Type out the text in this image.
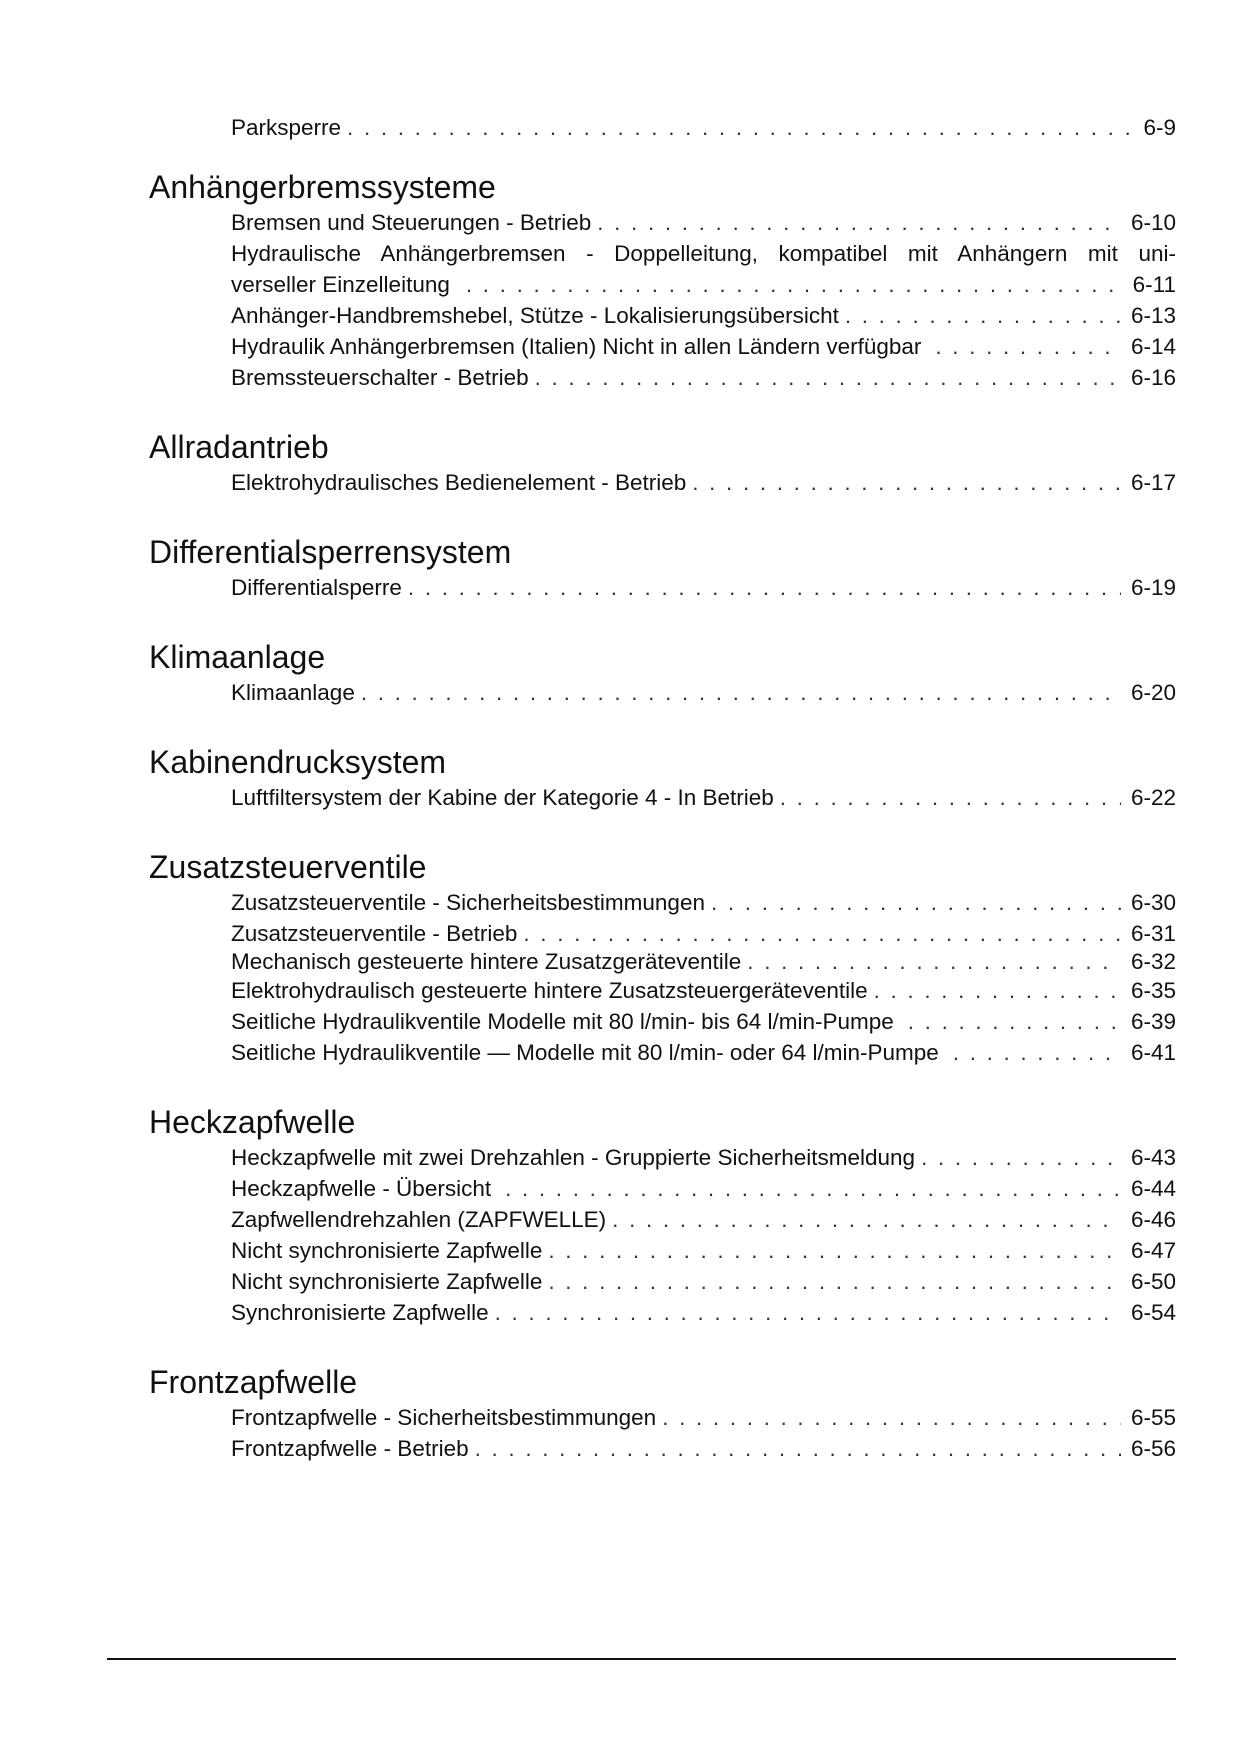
Parksperre . . .	6-9
Anhängerbremssysteme
Bremsen und Steuerungen - Betrieb . . .	6-10
Hydraulische Anhängerbremsen - Doppelleitung, kompatibel mit Anhängern mit uni-
verseller Einzelleitung . . .	6-11
Anhänger-Handbremshebel, Stütze - Lokalisierungsübersicht . . .	6-13
Hydraulik Anhängerbremsen (Italien) Nicht in allen Ländern verfügbar . . .	6-14
Bremssteuerschalter - Betrieb . . .	6-16
Allradantrieb
Elektrohydraulisches Bedienelement - Betrieb . . .	6-17
Differentialsperrensystem
Differentialsperre . . .	6-19
Klimaanlage
Klimaanlage . . .	6-20
Kabinendrucksystem
Luftfiltersystem der Kabine der Kategorie 4 - In Betrieb . . .	6-22
Zusatzsteuerventile
Zusatzsteuerventile - Sicherheitsbestimmungen . . .	6-30
Zusatzsteuerventile - Betrieb . . .	6-31
Mechanisch gesteuerte hintere Zusatzgeräteventile . . .	6-32
Elektrohydraulisch gesteuerte hintere Zusatzsteuergeräteventile . . .	6-35
Seitliche Hydraulikventile Modelle mit 80 l/min- bis 64 l/min-Pumpe . . .	6-39
Seitliche Hydraulikventile — Modelle mit 80 l/min- oder 64 l/min-Pumpe . . .	6-41
Heckzapfwelle
Heckzapfwelle mit zwei Drehzahlen - Gruppierte Sicherheitsmeldung . . .	6-43
Heckzapfwelle - Übersicht . . .	6-44
Zapfwellendrehzahlen (ZAPFWELLE) . . .	6-46
Nicht synchronisierte Zapfwelle . . .	6-47
Nicht synchronisierte Zapfwelle . . .	6-50
Synchronisierte Zapfwelle . . .	6-54
Frontzapfwelle
Frontzapfwelle - Sicherheitsbestimmungen . . .	6-55
Frontzapfwelle - Betrieb . . .	6-56
